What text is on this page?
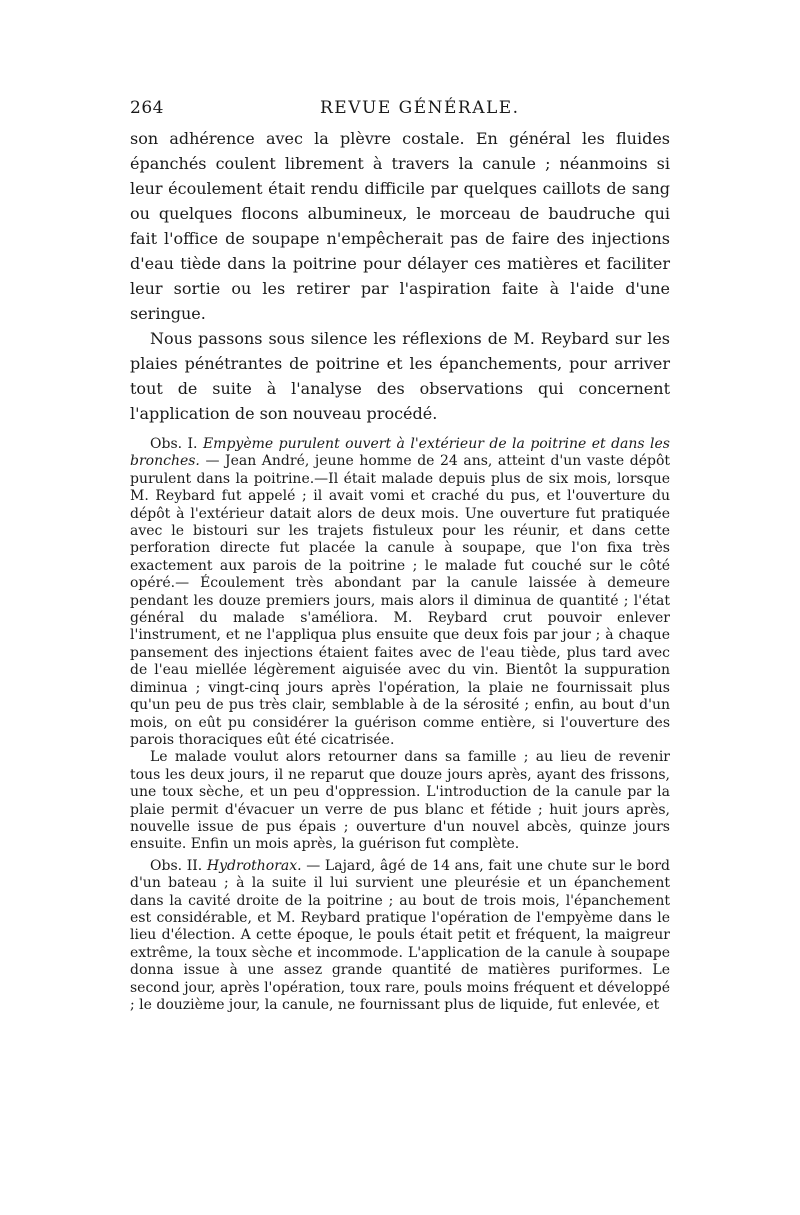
264	REVUE GÉNÉRALE.

son adhérence avec la plèvre costale. En général les fluides épanchés coulent librement à travers la canule ; néanmoins si leur écoulement était rendu difficile par quelques caillots de sang ou quelques flocons albumineux, le morceau de baudruche qui fait l'office de soupape n'empêcherait pas de faire des injections d'eau tiède dans la poitrine pour délayer ces matières et faciliter leur sortie ou les retirer par l'aspiration faite à l'aide d'une seringue.

Nous passons sous silence les réflexions de M. Reybard sur les plaies pénétrantes de poitrine et les épanchements, pour arriver tout de suite à l'analyse des observations qui concernent l'application de son nouveau procédé.

Obs. I. Empyème purulent ouvert à l'extérieur de la poitrine et dans les bronches. — Jean André, jeune homme de 24 ans, atteint d'un vaste dépôt purulent dans la poitrine.—Il était malade depuis plus de six mois, lorsque M. Reybard fut appelé ; il avait vomi et craché du pus, et l'ouverture du dépôt à l'extérieur datait alors de deux mois. Une ouverture fut pratiquée avec le bistouri sur les trajets fistuleux pour les réunir, et dans cette perforation directe fut placée la canule à soupape, que l'on fixa très exactement aux parois de la poitrine ; le malade fut couché sur le côté opéré.— Écoulement très abondant par la canule laissée à demeure pendant les douze premiers jours, mais alors il diminua de quantité ; l'état général du malade s'améliora. M. Reybard crut pouvoir enlever l'instrument, et ne l'appliqua plus ensuite que deux fois par jour ; à chaque pansement des injections étaient faites avec de l'eau tiède, plus tard avec de l'eau miellée légèrement aiguisée avec du vin. Bientôt la suppuration diminua ; vingt-cinq jours après l'opération, la plaie ne fournissait plus qu'un peu de pus très clair, semblable à de la sérosité ; enfin, au bout d'un mois, on eût pu considérer la guérison comme entière, si l'ouverture des parois thoraciques eût été cicatrisée.

Le malade voulut alors retourner dans sa famille ; au lieu de revenir tous les deux jours, il ne reparut que douze jours après, ayant des frissons, une toux sèche, et un peu d'oppression. L'introduction de la canule par la plaie permit d'évacuer un verre de pus blanc et fétide ; huit jours après, nouvelle issue de pus épais ; ouverture d'un nouvel abcès, quinze jours ensuite. Enfin un mois après, la guérison fut complète.

Obs. II. Hydrothorax. — Lajard, âgé de 14 ans, fait une chute sur le bord d'un bateau ; à la suite il lui survient une pleurésie et un épanchement dans la cavité droite de la poitrine ; au bout de trois mois, l'épanchement est considérable, et M. Reybard pratique l'opération de l'empyème dans le lieu d'élection. A cette époque, le pouls était petit et fréquent, la maigreur extrême, la toux sèche et incommode. L'application de la canule à soupape donna issue à une assez grande quantité de matières puriformes. Le second jour, après l'opération, toux rare, pouls moins fréquent et développé ; le douzième jour, la canule, ne fournissant plus de liquide, fut enlevée, et
